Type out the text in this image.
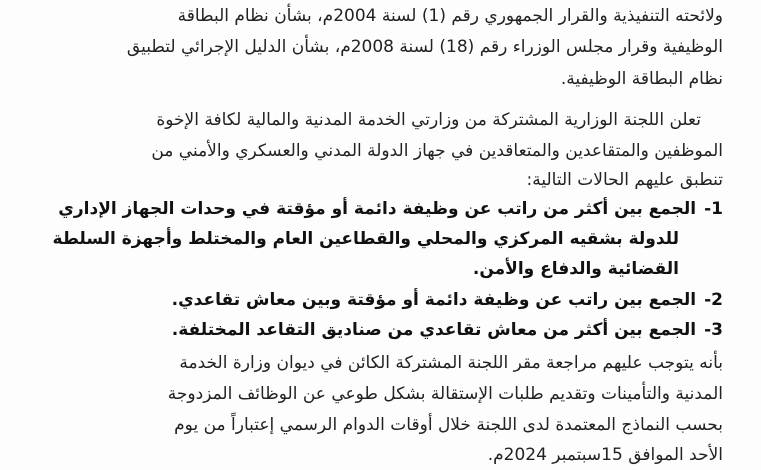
ولائحته التنفيذية والقرار الجمهوري رقم (1) لسنة 2004م، بشأن نظام البطاقة
الوظيفية وقرار مجلس الوزراء رقم (18) لسنة 2008م، بشأن الدليل الإجرائي لتطبيق
نظام البطاقة الوظيفية.
تعلن اللجنة الوزارية المشتركة من وزارتي الخدمة المدنية والمالية لكافة الإخوة
الموظفين والمتقاعدين والمتعاقدين في جهاز الدولة المدني والعسكري والأمني من
تنطبق عليهم الحالات التالية:
1-الجمع بين أكثر من راتب عن وظيفة دائمة أو مؤقتة في وحدات الجهاز الإداري
للدولة بشقيه المركزي والمحلي والقطاعين العام والمختلط وأجهزة السلطة
القضائية والدفاع والأمن.
2-الجمع بين راتب عن وظيفة دائمة أو مؤقتة وبين معاش تقاعدي.
3-الجمع بين أكثر من معاش تقاعدي من صناديق التقاعد المختلفة.
بأنه يتوجب عليهم مراجعة مقر اللجنة المشتركة الكائن في ديوان وزارة الخدمة
المدنية والتأمينات وتقديم طلبات الإستقالة بشكل طوعي عن الوظائف المزدوجة
بحسب النماذج المعتمدة لدى اللجنة خلال أوقات الدوام الرسمي إعتباراً من يوم
الأحد الموافق 15سبتمبر 2024م.
